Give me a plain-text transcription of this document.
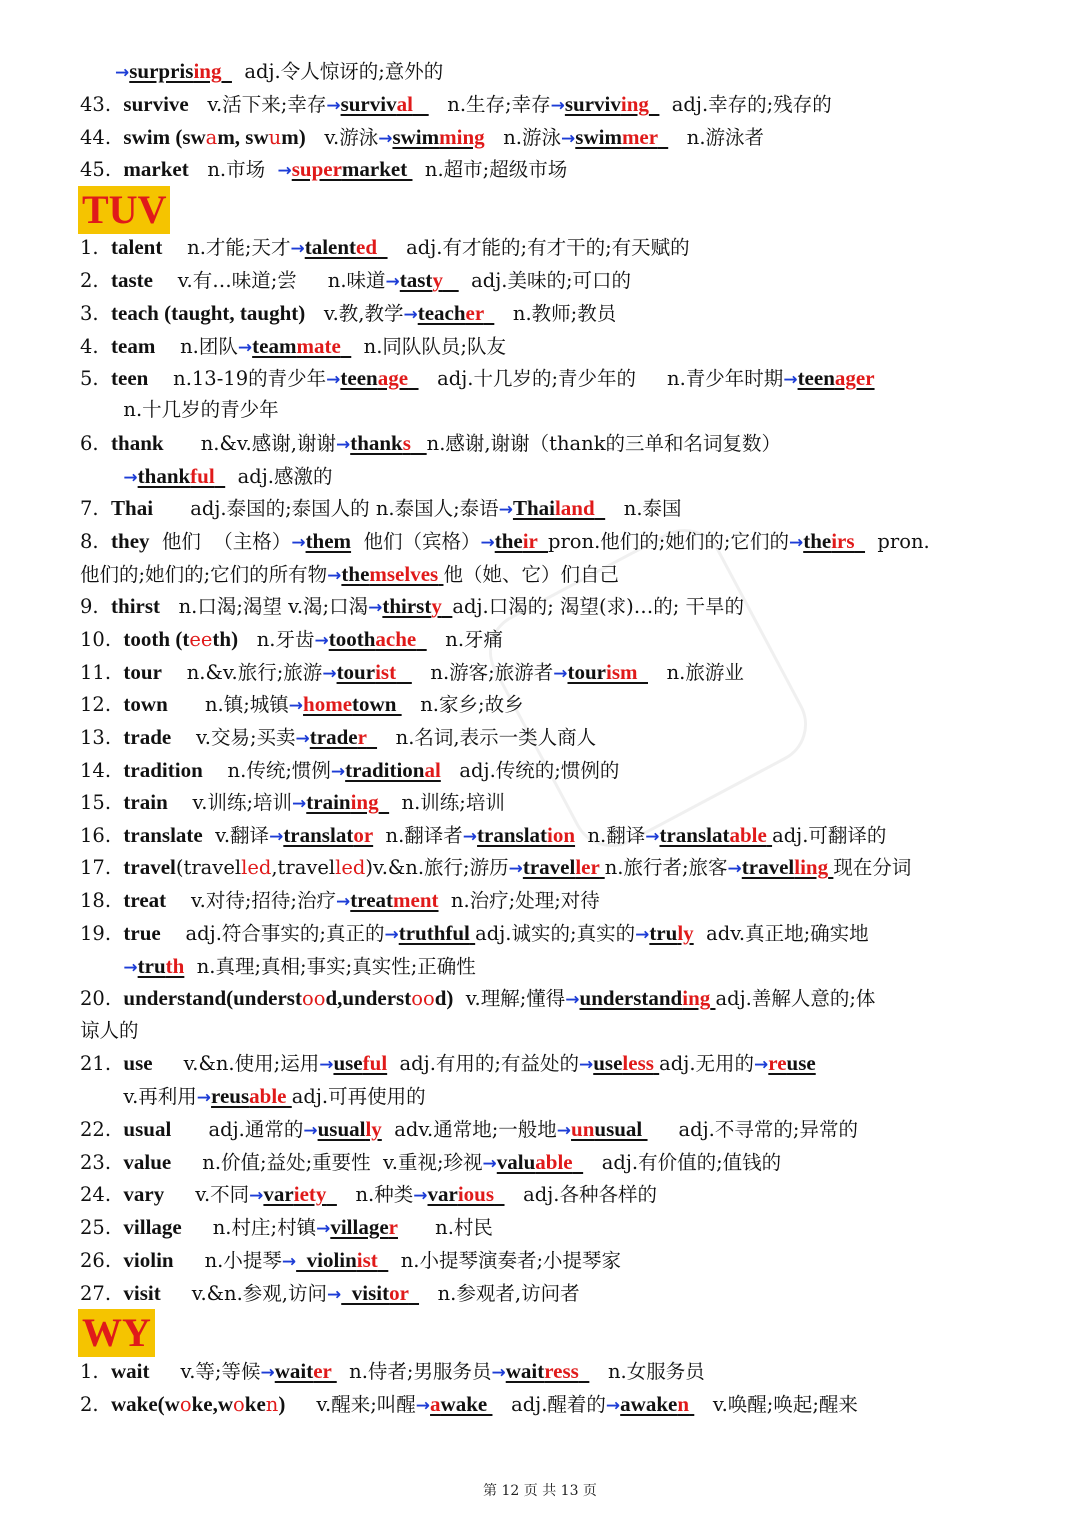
→surprising    adj.令人惊讶的;意外的
43.  survive   v.活下来;幸存→survival      n.生存;幸存→surviving    adj.幸存的;残存的
44.  swim (swam, swum)   v.游泳→swimming   n.游泳→swimmer     n.游泳者
45.  market   n.市场  →supermarket   n.超市;超级市场
1.  talent    n.才能;天才→talented     adj.有才能的;有才干的;有天赋的
2.  taste    v.有…味道;尝     n.味道→tasty     adj.美味的;可口的
3.  teach (taught, taught)   v.教,教学→teacher     n.教师;教员
4.  team    n.团队→teammate    n.同队队员;队友
5.  teen    n.13-19的青少年→teenage     adj.十几岁的;青少年的     n.青少年时期→teenager
n.十几岁的青少年
6.  thank      n.&v.感谢,谢谢→thanks n.感谢,谢谢（thank的三单和名词复数）
→thankful    adj.感激的
7.  Thai      adj.泰国的;泰国人的 n.泰国人;泰语→Thailand     n.泰国
8.  they  他们  （主格）→them  他们（宾格）→their pron.他们的;她们的;它们的→theirs    pron.
他们的;她们的;它们的所有物→themselves 他（她、它）们自己
9.  thirst   n.口渴;渴望 v.渴;口渴→thirsty adj.口渴的; 渴望(求)…的; 干旱的
10.  tooth (teeth)   n.牙齿→toothache     n.牙痛
11.  tour    n.&v.旅行;旅游→tourist      n.游客;旅游者→tourism     n.旅游业
12.  town      n.镇;城镇→hometown    n.家乡;故乡
13.  trade    v.交易;买卖→trader     n.名词,表示一类人商人
14.  tradition    n.传统;惯例→traditional   adj.传统的;惯例的
15.  train    v.训练;培训→training    n.训练;培训
16.  translate  v.翻译→translator  n.翻译者→translation  n.翻译→translatable adj.可翻译的
17.  travel(travelled,travelled)v.&n.旅行;游历→traveller n.旅行者;旅客→travelling 现在分词
18.  treat    v.对待;招待;治疗→treatment  n.治疗;处理;对待
19.  true    adj.符合事实的;真正的→truthful adj.诚实的;真实的→truly  adv.真正地;确实地
→truth  n.真理;真相;事实;真实性;正确性
20.  understand(understood,understood)  v.理解;懂得→understanding adj.善解人意的;体
谅人的
21.  use     v.&n.使用;运用→useful  adj.有用的;有益处的→useless adj.无用的→reuse
v.再利用→reusable adj.可再使用的
22.  usual      adj.通常的→usually  adv.通常地;一般地→unusual      adj.不寻常的;异常的
23.  value     n.价值;益处;重要性  v.重视;珍视→valuable     adj.有价值的;值钱的
24.  vary     v.不同→variety     n.种类→various     adj.各种各样的
25.  village     n.村庄;村镇→villager      n.村民
26.  violin     n.小提琴→  violinist    n.小提琴演奏者;小提琴家
27.  visit     v.&n.参观,访问→  visitor     n.参观者,访问者
1.  wait     v.等;等候→waiter   n.侍者;男服务员→waitress     n.女服务员
2.  wake(woke,woken)     v.醒来;叫醒→awake    adj.醒着的→awaken    v.唤醒;唤起;醒来
TUV
WY
第 12 页 共 13 页
